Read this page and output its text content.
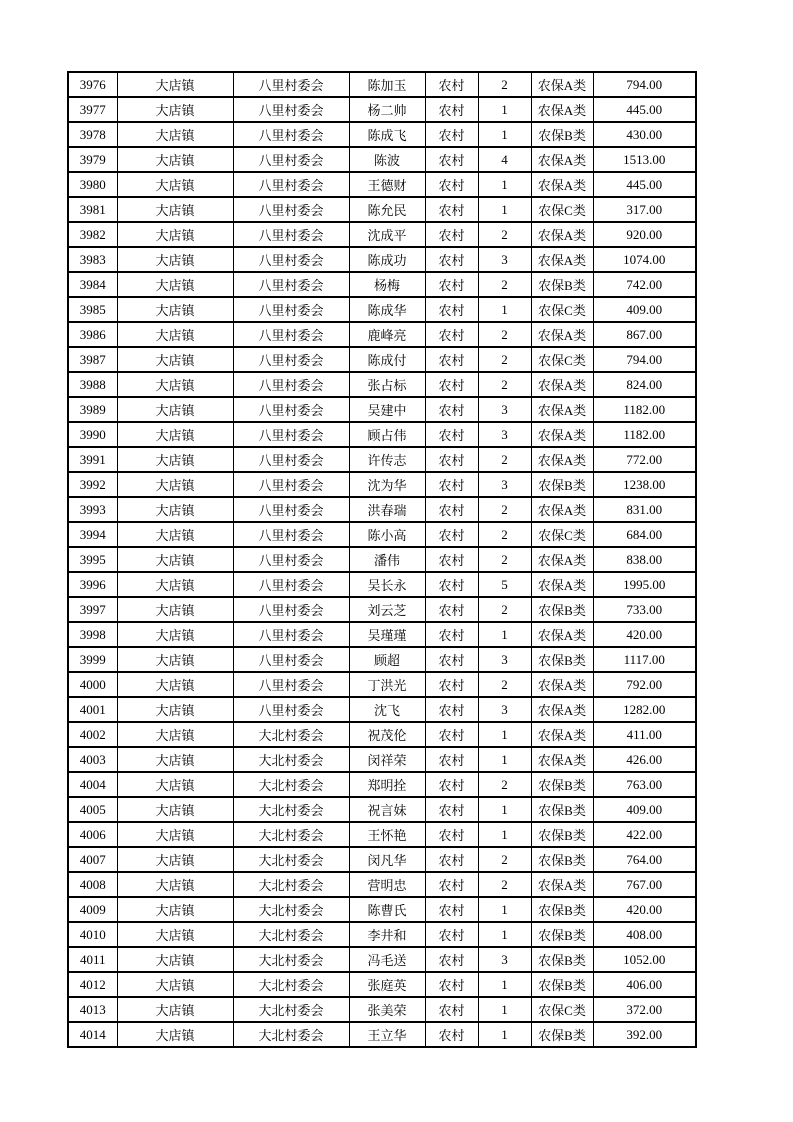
3976	大店镇	八里村委会	陈加玉	农村	2	农保A类	794.00
3977	大店镇	八里村委会	杨二帅	农村	1	农保A类	445.00
3978	大店镇	八里村委会	陈成飞	农村	1	农保B类	430.00
3979	大店镇	八里村委会	陈波	农村	4	农保A类	1513.00
3980	大店镇	八里村委会	王德财	农村	1	农保A类	445.00
3981	大店镇	八里村委会	陈允民	农村	1	农保C类	317.00
3982	大店镇	八里村委会	沈成平	农村	2	农保A类	920.00
3983	大店镇	八里村委会	陈成功	农村	3	农保A类	1074.00
3984	大店镇	八里村委会	杨梅	农村	2	农保B类	742.00
3985	大店镇	八里村委会	陈成华	农村	1	农保C类	409.00
3986	大店镇	八里村委会	鹿峰亮	农村	2	农保A类	867.00
3987	大店镇	八里村委会	陈成付	农村	2	农保C类	794.00
3988	大店镇	八里村委会	张占标	农村	2	农保A类	824.00
3989	大店镇	八里村委会	吴建中	农村	3	农保A类	1182.00
3990	大店镇	八里村委会	顾占伟	农村	3	农保A类	1182.00
3991	大店镇	八里村委会	许传志	农村	2	农保A类	772.00
3992	大店镇	八里村委会	沈为华	农村	3	农保B类	1238.00
3993	大店镇	八里村委会	洪春瑞	农村	2	农保A类	831.00
3994	大店镇	八里村委会	陈小高	农村	2	农保C类	684.00
3995	大店镇	八里村委会	潘伟	农村	2	农保A类	838.00
3996	大店镇	八里村委会	吴长永	农村	5	农保A类	1995.00
3997	大店镇	八里村委会	刘云芝	农村	2	农保B类	733.00
3998	大店镇	八里村委会	吴瑾瑾	农村	1	农保A类	420.00
3999	大店镇	八里村委会	顾超	农村	3	农保B类	1117.00
4000	大店镇	八里村委会	丁洪光	农村	2	农保A类	792.00
4001	大店镇	八里村委会	沈飞	农村	3	农保A类	1282.00
4002	大店镇	大北村委会	祝茂伦	农村	1	农保A类	411.00
4003	大店镇	大北村委会	闵祥荣	农村	1	农保A类	426.00
4004	大店镇	大北村委会	郑明拴	农村	2	农保B类	763.00
4005	大店镇	大北村委会	祝言妹	农村	1	农保B类	409.00
4006	大店镇	大北村委会	王怀艳	农村	1	农保B类	422.00
4007	大店镇	大北村委会	闵凡华	农村	2	农保B类	764.00
4008	大店镇	大北村委会	营明忠	农村	2	农保A类	767.00
4009	大店镇	大北村委会	陈曹氏	农村	1	农保B类	420.00
4010	大店镇	大北村委会	李井和	农村	1	农保B类	408.00
4011	大店镇	大北村委会	冯毛送	农村	3	农保B类	1052.00
4012	大店镇	大北村委会	张庭英	农村	1	农保B类	406.00
4013	大店镇	大北村委会	张美荣	农村	1	农保C类	372.00
4014	大店镇	大北村委会	王立华	农村	1	农保B类	392.00
